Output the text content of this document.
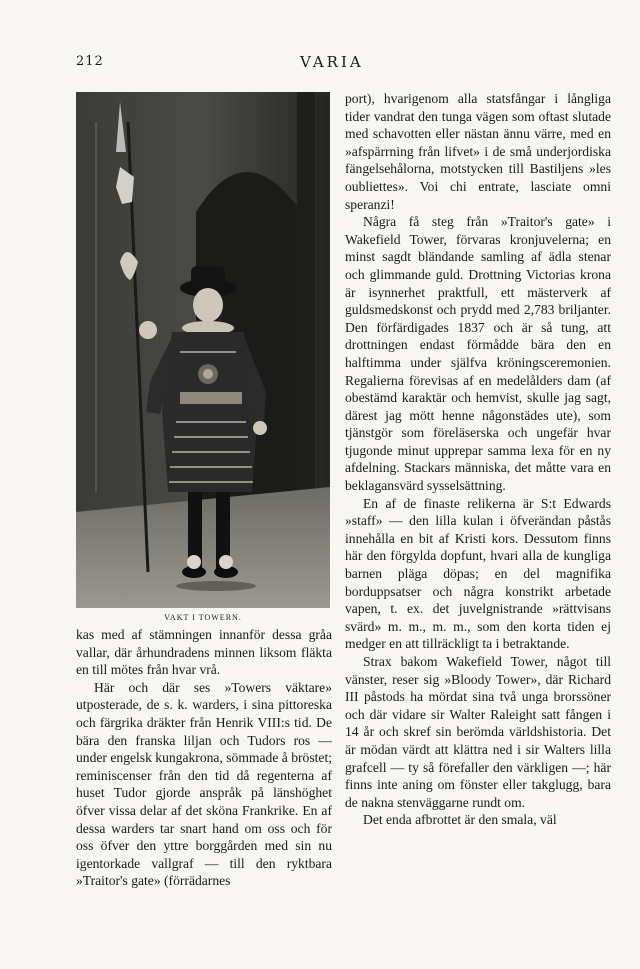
212	VARIA
VAKT I TOWERN.

kas med af stämningen innanför dessa gråa vallar, där århundradens minnen liksom fläkta en till mötes från hvar vrå.

Här och där ses »Towers väktare» utposterade, de s. k. warders, i sina pittoreska och färgrika dräkter från Henrik VIII:s tid. De bära den franska liljan och Tudors ros — under engelsk kungakrona, sömmade å bröstet; reminiscenser från den tid då regenterna af huset Tudor gjorde anspråk på länshöghet öfver vissa delar af det sköna Frankrike. En af dessa warders tar snart hand om oss och för oss öfver den yttre borggården med sin nu igentorkade vallgraf — till den ryktbara »Traitor's gate» (förrädarnes

port), hvarigenom alla statsfångar i långliga tider vandrat den tunga vägen som oftast slutade med schavotten eller nästan ännu värre, med en »afspärrning från lifvet» i de små underjordiska fängelsehålorna, motstycken till Bastiljens »les oubliettes». Voi chi entrate, lasciate omni speranzi!

Några få steg från »Traitor's gate» i Wakefield Tower, förvaras kronjuvelerna; en minst sagdt bländande samling af ädla stenar och glimmande guld. Drottning Victorias krona är isynnerhet praktfull, ett mästerverk af guldsmedskonst och prydd med 2,783 briljanter. Den förfärdigades 1837 och är så tung, att drottningen endast förmådde bära den en halftimma under själfva kröningsceremonien. Regalierna förevisas af en medelålders dam (af obestämd karaktär och hemvist, skulle jag sagt, därest jag mött henne någonstädes ute), som tjänstgör som föreläserska och ungefär hvar tjugonde minut upprepar samma lexa för en ny afdelning. Stackars människa, det måtte vara en beklagansvärd sysselsättning.

En af de finaste relikerna är S:t Edwards »staff» — den lilla kulan i öfverändan påstås innehålla en bit af Kristi kors. Dessutom finns här den förgylda dopfunt, hvari alla de kungliga barnen pläga döpas; en del magnifika borduppsatser och några konstrikt arbetade vapen, t. ex. det juvelgnistrande »rättvisans svärd» m. m., m. m., som den korta tiden ej medger en att tillräckligt ta i betraktande.

Strax bakom Wakefield Tower, något till vänster, reser sig »Bloody Tower», där Richard III påstods ha mördat sina två unga brorssöner och där vidare sir Walter Raleight satt fången i 14 år och skref sin berömda världshistoria. Det är mödan värdt att klättra ned i sir Walters lilla grafcell — ty så förefaller den värkligen —; här finns inte aning om fönster eller takglugg, bara de nakna stenväggarne rundt om.

Det enda afbrottet är den smala, väl
